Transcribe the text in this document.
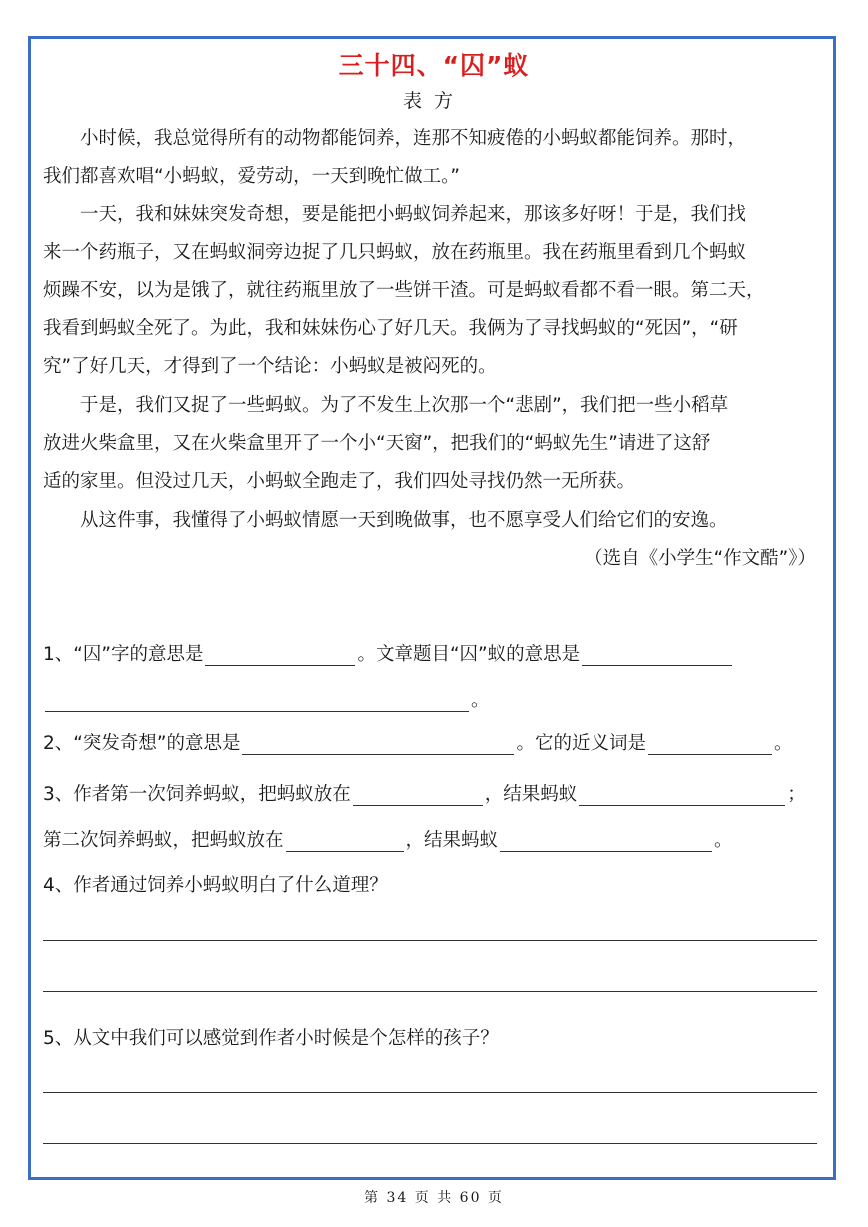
三十四、“囚”蚁
表方
小时候，我总觉得所有的动物都能饲养，连那不知疲倦的小蚂蚁都能饲养。那时，
我们都喜欢唱“小蚂蚁，爱劳动，一天到晚忙做工。”
一天，我和妹妹突发奇想，要是能把小蚂蚁饲养起来，那该多好呀！于是，我们找
来一个药瓶子，又在蚂蚁洞旁边捉了几只蚂蚁，放在药瓶里。我在药瓶里看到几个蚂蚁
烦躁不安，以为是饿了，就往药瓶里放了一些饼干渣。可是蚂蚁看都不看一眼。第二天，
我看到蚂蚁全死了。为此，我和妹妹伤心了好几天。我俩为了寻找蚂蚁的“死因”，“研
究”了好几天，才得到了一个结论：小蚂蚁是被闷死的。
于是，我们又捉了一些蚂蚁。为了不发生上次那一个“悲剧”，我们把一些小稻草
放进火柴盒里，又在火柴盒里开了一个小“天窗”，把我们的“蚂蚁先生”请进了这舒
适的家里。但没过几天，小蚂蚁全跑走了，我们四处寻找仍然一无所获。
从这件事，我懂得了小蚂蚁情愿一天到晚做事，也不愿享受人们给它们的安逸。
（选自《小学生“作文酷”》）
1、“囚”字的意思是	。文章题目“囚”蚁的意思是
。
2、“突发奇想”的意思是	。它的近义词是	。
3、作者第一次饲养蚂蚁，把蚂蚁放在	，结果蚂蚁	；
第二次饲养蚂蚁，把蚂蚁放在	，结果蚂蚁	。
4、作者通过饲养小蚂蚁明白了什么道理？
5、从文中我们可以感觉到作者小时候是个怎样的孩子？
第 34 页 共 60 页
